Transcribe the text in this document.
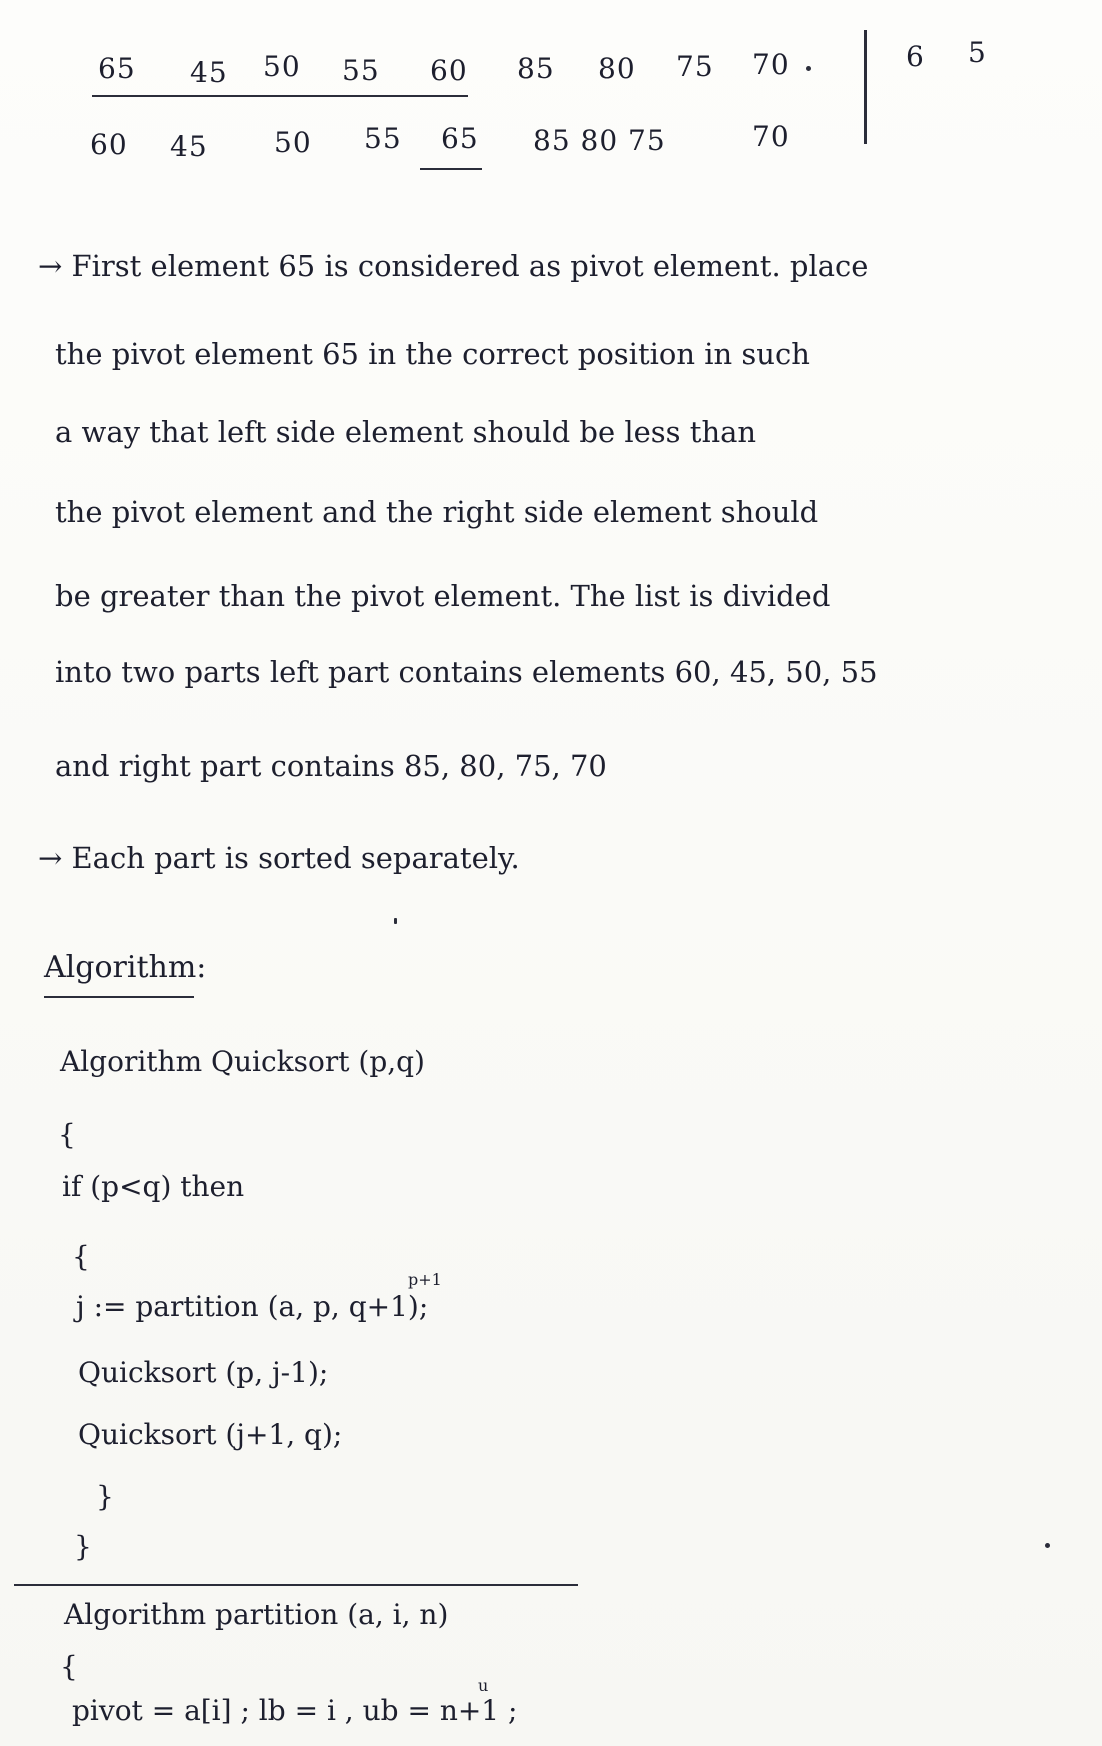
65 45 50 55 60 85 80 75 70	6 5
60 45 50 55 65 85 80 75	70
→ First element 65 is considered as pivot element. place
the pivot element 65 in the correct position in such
a way that left side element should be less than
the pivot element and the right side element should
be greater than the pivot element. The list is divided
into two parts left part contains elements 60, 45, 50, 55
and right part contains 85, 80, 75, 70
→ Each part is sorted separately.
Algorithm:
Algorithm Quicksort (p,q)
{
if (p<q) then
{
p+1
j := partition (a, p, q+1);
Quicksort (p, j-1);
Quicksort (j+1, q);
}
}
Algorithm partition (a, i, n)
{
u
pivot = a[i] ; lb = i , ub = n+1 ;
